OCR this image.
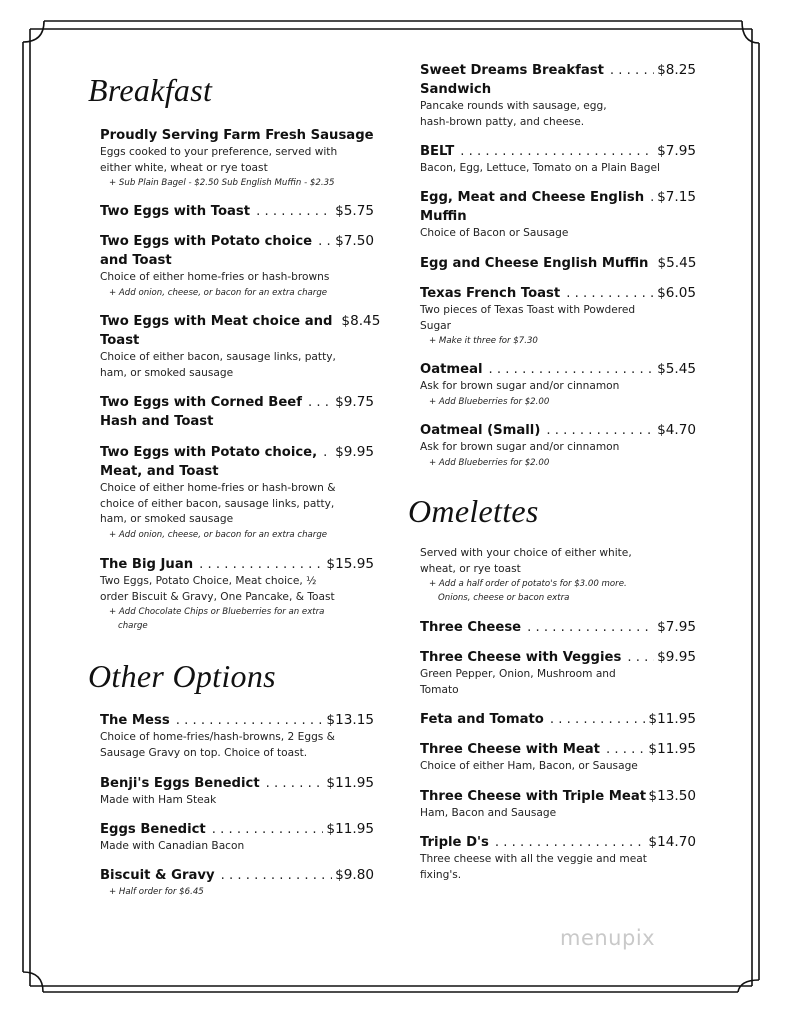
Breakfast
Proudly Serving Farm Fresh Sausage
Eggs cooked to your preference, served with
either white, wheat or rye toast
+ Sub Plain Bagel - $2.50 Sub English Muffin - $2.35
Two Eggs with Toast . . .	$5.75
Two Eggs with Potato choice . . . $7.50
and Toast
Choice of either home-fries or hash-browns
+ Add onion, cheese, or bacon for an extra charge
Two Eggs with Meat choice and $8.45
Toast
Choice of either bacon, sausage links, patty,
ham, or smoked sausage
Two Eggs with Corned Beef . . . $9.75
Hash and Toast
Two Eggs with Potato choice, . . . $9.95
Meat, and Toast
Choice of either home-fries or hash-brown &
choice of either bacon, sausage links, patty,
ham, or smoked sausage
+ Add onion, cheese, or bacon for an extra charge
The Big Juan . . .	$15.95
Two Eggs, Potato Choice, Meat choice, ½
order Biscuit & Gravy, One Pancake, & Toast
+ Add Chocolate Chips or Blueberries for an extra
charge
Other Options
The Mess . . .	$13.15
Choice of home-fries/hash-browns, 2 Eggs &
Sausage Gravy on top. Choice of toast.
Benji's Eggs Benedict . . .	$11.95
Made with Ham Steak
Eggs Benedict . . .	$11.95
Made with Canadian Bacon
Biscuit & Gravy . . .	$9.80
+ Half order for $6.45
Sweet Dreams Breakfast . . .	$8.25
Sandwich
Pancake rounds with sausage, egg,
hash-brown patty, and cheese.
BELT . . .	$7.95
Bacon, Egg, Lettuce, Tomato on a Plain Bagel
Egg, Meat and Cheese English . . . $7.15
Muffin
Choice of Bacon or Sausage
Egg and Cheese English Muffin $5.45
Texas French Toast . . .	$6.05
Two pieces of Texas Toast with Powdered
Sugar
+ Make it three for $7.30
Oatmeal . . .	$5.45
Ask for brown sugar and/or cinnamon
+ Add Blueberries for $2.00
Oatmeal (Small) . . .	$4.70
Ask for brown sugar and/or cinnamon
+ Add Blueberries for $2.00
Omelettes
Served with your choice of either white,
wheat, or rye toast
+ Add a half order of potato's for $3.00 more.
Onions, cheese or bacon extra
Three Cheese . . .	$7.95
Three Cheese with Veggies . . .	$9.95
Green Pepper, Onion, Mushroom and
Tomato
Feta and Tomato . . .	$11.95
Three Cheese with Meat . . .	$11.95
Choice of either Ham, Bacon, or Sausage
Three Cheese with Triple Meat $13.50
Ham, Bacon and Sausage
Triple D's . . .	$14.70
Three cheese with all the veggie and meat
fixing's.
menupix
